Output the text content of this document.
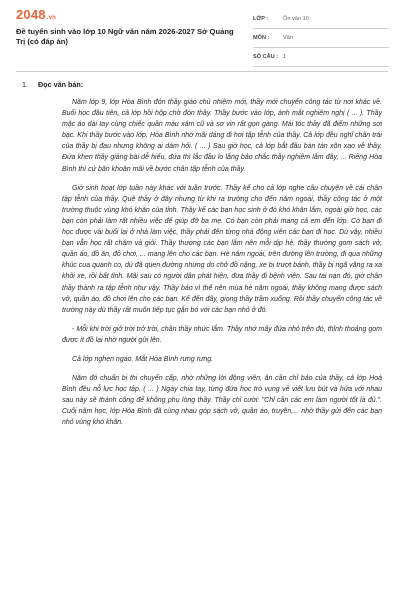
2048.vn
Đề tuyển sinh vào lớp 10 Ngữ văn năm 2026-2027 Sở Quảng Trị (có đáp án)
LỚP :	Ôn vào 10
MÔN : Văn
SỐ CÂU : 1
1. Đọc văn bản:

Năm lớp 9, lớp Hòa Bình đón thầy giáo chủ nhiệm mới, thầy mới chuyển công tác từ nơi khác về. Buổi học đầu tiên, cả lớp hồi hộp chờ đón thầy. Thầy bước vào lớp, ánh mắt nghiêm nghị ( ... ). Thầy mặc áo dài tay cùng chiếc quần màu xám cũ và sơ vin rất gọn gàng. Mái tóc thầy đã điểm những sợi bạc. Khi thầy bước vào lớp, Hòa Bình nhớ mãi dáng đi hơi tập tễnh của thầy. Cả lớp đều nghĩ chân trái của thầy bị đau nhưng không ai dám hỏi. ( ... ) Sau giờ học, cả lớp bắt đầu bàn tán xôn xao về thầy. Đứa khen thầy giảng bài dễ hiểu, đứa thì lắc đầu lo lắng bảo chắc thầy nghiêm lắm đây, ... Riêng Hòa Bình thì cứ băn khoăn mãi về bước chân tập tễnh của thầy.

Giờ sinh hoạt lớp tuần này khác với tuần trước. Thầy kể cho cả lớp nghe câu chuyện về cái chân tập tễnh của thầy. Quê thầy ở đây nhưng từ khi ra trường cho đến năm ngoái, thầy công tác ở một trường thuộc vùng khó khăn của tỉnh. Thầy kể các bạn học sinh ở đó khó khăn lắm, ngoài giờ học, các bạn còn phải làm rất nhiều việc để giúp đỡ ba mẹ. Có bạn còn phải mang cả em đến lớp. Có bạn đi học được vài buổi lại ở nhà làm việc, thầy phải đến từng nhà động viên các bạn đi học. Dù vậy, nhiều bạn vẫn học rất chăm và giỏi. Thầy thương các bạn lắm nên mỗi dịp hè, thầy thường gom sách vở, quần áo, đồ ăn, đồ chơi, ... mang lên cho các bạn. Hè năm ngoái, trên đường lên trường, đi qua những khúc cua quanh co, dù đã quen đường nhưng do chở đồ nặng, xe bị trượt bánh, thầy bị ngã văng ra xa khỏi xe, rồi bất tỉnh. Mãi sau có người dân phát hiện, đưa thầy đi bệnh viện. Sau tai nạn đó, giờ chân thầy thành ra tập tễnh như vậy. Thầy bảo vì thế nên mùa hè năm ngoái, thầy không mang được sách vở, quần áo, đồ chơi lên cho các bạn. Kể đến đây, giọng thầy trầm xuống. Rồi thầy chuyển công tác về trường này dù thầy rất muốn tiếp tục gắn bó với các bạn nhỏ ở đó.

- Mỗi khi trời giở trời trở trời, chân thầy nhức lắm. Thầy nhớ mấy đứa nhỏ trên đó, thỉnh thoảng gom được ít đồ lại nhờ người gửi lên.

Cả lớp nghẹn ngào. Mắt Hòa Bình rưng rưng.

Năm đó chuẩn bị thi chuyển cấp, nhờ những lời động viên, ân cần chỉ bảo của thầy, cả lớp Hoà Bình đều nỗ lực học tập. ( ... ) Ngày chia tay, từng đứa học trò vụng về viết lưu bút và hứa với nhau sau này sẽ thành công để không phụ lòng thầy. Thầy chỉ cười: "Chỉ cần các em làm người tốt là đủ.". Cuối năm học, lớp Hòa Bình đã cùng nhau góp sách vở, quần áo, truyện,... nhờ thầy gửi đến các bạn nhỏ vùng khó khăn.
